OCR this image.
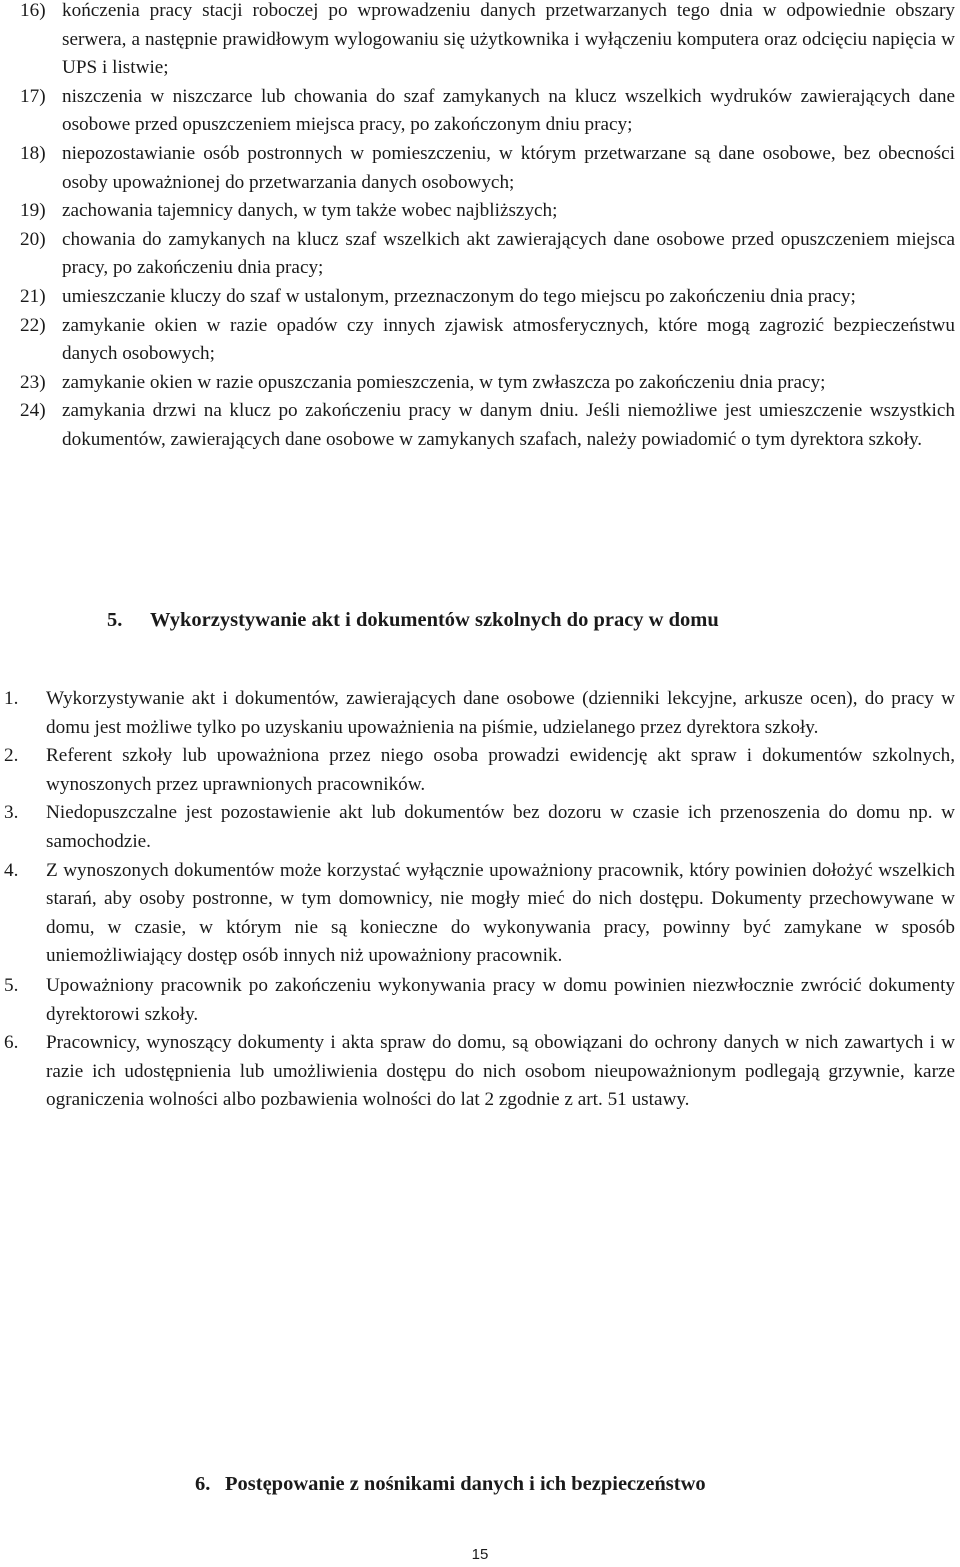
16) kończenia pracy stacji roboczej po wprowadzeniu danych przetwarzanych tego dnia w odpowiednie obszary serwera, a następnie prawidłowym wylogowaniu się użytkownika i wyłączeniu komputera oraz odcięciu napięcia w UPS i listwie;
17) niszczenia w niszczarce lub chowania do szaf zamykanych na klucz wszelkich wydruków zawierających dane osobowe przed opuszczeniem miejsca pracy, po zakończonym dniu pracy;
18) niepozostawianie osób postronnych w pomieszczeniu, w którym przetwarzane są dane osobowe, bez obecności osoby upoważnionej do przetwarzania danych osobowych;
19) zachowania tajemnicy danych, w tym także wobec najbliższych;
20) chowania do zamykanych na klucz szaf wszelkich akt zawierających dane osobowe przed opuszczeniem miejsca pracy, po zakończeniu dnia pracy;
21) umieszczanie kluczy do szaf w ustalonym, przeznaczonym do tego miejscu po zakończeniu dnia pracy;
22) zamykanie okien w razie opadów czy innych zjawisk atmosferycznych, które mogą zagrozić bezpieczeństwu danych osobowych;
23) zamykanie okien w razie opuszczania pomieszczenia, w tym zwłaszcza po zakończeniu dnia pracy;
24) zamykania drzwi na klucz po zakończeniu pracy w danym dniu. Jeśli niemożliwe jest umieszczenie wszystkich dokumentów, zawierających dane osobowe w zamykanych szafach, należy powiadomić o tym dyrektora szkoły.
5. Wykorzystywanie akt i dokumentów szkolnych do pracy w domu
1.	Wykorzystywanie akt i dokumentów, zawierających dane osobowe (dzienniki lekcyjne, arkusze ocen), do pracy w domu jest możliwe tylko po uzyskaniu upoważnienia na piśmie, udzielanego przez dyrektora szkoły.
2.	Referent szkoły lub upoważniona przez niego osoba prowadzi ewidencję akt spraw i dokumentów szkolnych, wynoszonych przez uprawnionych pracowników.
3.	Niedopuszczalne jest pozostawienie akt lub dokumentów bez dozoru w czasie ich przenoszenia do domu np. w samochodzie.
4.	Z wynoszonych dokumentów może korzystać wyłącznie upoważniony pracownik, który powinien dołożyć wszelkich starań, aby osoby postronne, w tym domownicy, nie mogły mieć do nich dostępu. Dokumenty przechowywane w domu, w czasie, w którym nie są konieczne do wykonywania pracy, powinny być zamykane w sposób uniemożliwiający dostęp osób innych niż upoważniony pracownik.
5.	Upoważniony pracownik po zakończeniu wykonywania pracy w domu powinien niezwłocznie zwrócić dokumenty dyrektorowi szkoły.
6.	Pracownicy, wynoszący dokumenty i akta spraw do domu, są obowiązani do ochrony danych w nich zawartych i w razie ich udostępnienia lub umożliwienia dostępu do nich osobom nieupoważnionym podlegają grzywnie, karze ograniczenia wolności albo pozbawienia wolności do lat 2 zgodnie z art. 51 ustawy.
6. Postępowanie z nośnikami danych i ich bezpieczeństwo
15
